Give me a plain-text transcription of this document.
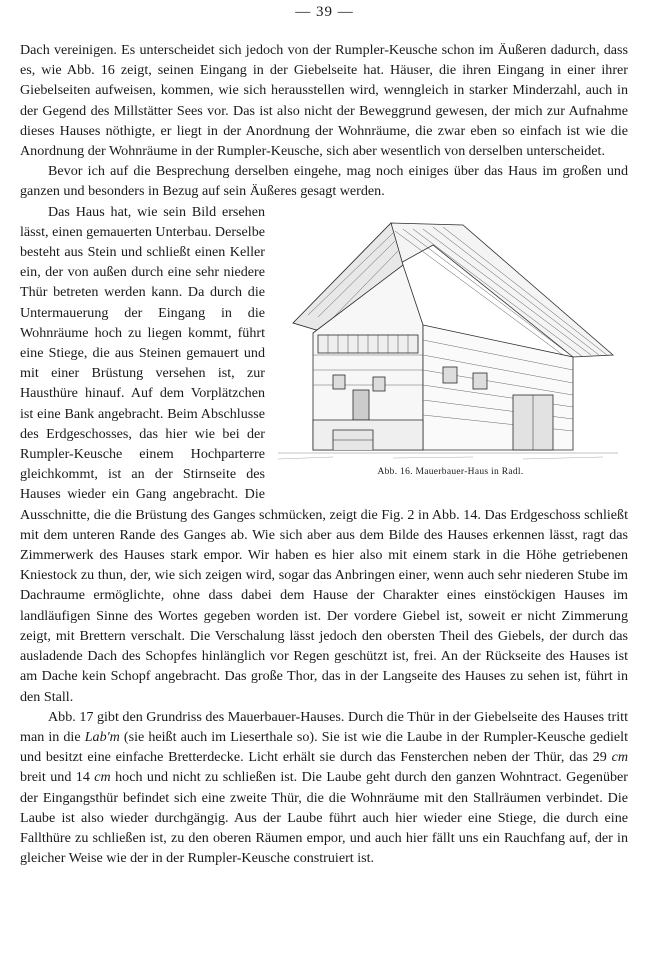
— 39 —

Dach vereinigen. Es unterscheidet sich jedoch von der Rumpler-Keusche schon im Äußeren dadurch, dass es, wie Abb. 16 zeigt, seinen Eingang in der Giebelseite hat. Häuser, die ihren Eingang in einer ihrer Giebelseiten aufweisen, kommen, wie sich herausstellen wird, wenngleich in starker Minderzahl, auch in der Gegend des Millstätter Sees vor. Das ist also nicht der Beweggrund gewesen, der mich zur Aufnahme dieses Hauses nöthigte, er liegt in der Anordnung der Wohnräume, die zwar eben so einfach ist wie die Anordnung der Wohnräume in der Rumpler-Keusche, sich aber wesentlich von derselben unterscheidet.

Bevor ich auf die Besprechung derselben eingehe, mag noch einiges über das Haus im großen und ganzen und besonders in Bezug auf sein Äußeres gesagt werden.

Abb. 16. Mauerbauer-Haus in Radl.

Das Haus hat, wie sein Bild ersehen lässt, einen gemauerten Unterbau. Derselbe besteht aus Stein und schließt einen Keller ein, der von außen durch eine sehr niedere Thür betreten werden kann. Da durch die Untermauerung der Eingang in die Wohnräume hoch zu liegen kommt, führt eine Stiege, die aus Steinen gemauert und mit einer Brüstung versehen ist, zur Hausthüre hinauf. Auf dem Vorplätzchen ist eine Bank angebracht. Beim Abschlusse des Erdgeschosses, das hier wie bei der Rumpler-Keusche einem Hochparterre gleichkommt, ist an der Stirnseite des Hauses wieder ein Gang angebracht. Die Ausschnitte, die die Brüstung des Ganges schmücken, zeigt die Fig. 2 in Abb. 14. Das Erdgeschoss schließt mit dem unteren Rande des Ganges ab. Wie sich aber aus dem Bilde des Hauses erkennen lässt, ragt das Zimmerwerk des Hauses stark empor. Wir haben es hier also mit einem stark in die Höhe getriebenen Kniestock zu thun, der, wie sich zeigen wird, sogar das Anbringen einer, wenn auch sehr niederen Stube im Dachraume ermöglichte, ohne dass dabei dem Hause der Charakter eines einstöckigen Hauses im landläufigen Sinne des Wortes gegeben worden ist. Der vordere Giebel ist, soweit er nicht Zimmerung zeigt, mit Brettern verschalt. Die Verschalung lässt jedoch den obersten Theil des Giebels, der durch das ausladende Dach des Schopfes hinlänglich vor Regen geschützt ist, frei. An der Rückseite des Hauses ist am Dache kein Schopf angebracht. Das große Thor, das in der Langseite des Hauses zu sehen ist, führt in den Stall.

Abb. 17 gibt den Grundriss des Mauerbauer-Hauses. Durch die Thür in der Giebelseite des Hauses tritt man in die Lab'm (sie heißt auch im Lieserthale so). Sie ist wie die Laube in der Rumpler-Keusche gedielt und besitzt eine einfache Bretterdecke. Licht erhält sie durch das Fensterchen neben der Thür, das 29 cm breit und 14 cm hoch und nicht zu schließen ist. Die Laube geht durch den ganzen Wohntract. Gegenüber der Eingangsthür befindet sich eine zweite Thür, die die Wohnräume mit den Stallräumen verbindet. Die Laube ist also wieder durchgängig. Aus der Laube führt auch hier wieder eine Stiege, die durch eine Fallthüre zu schließen ist, zu den oberen Räumen empor, und auch hier fällt uns ein Rauchfang auf, der in gleicher Weise wie der in der Rumpler-Keusche construiert ist.
